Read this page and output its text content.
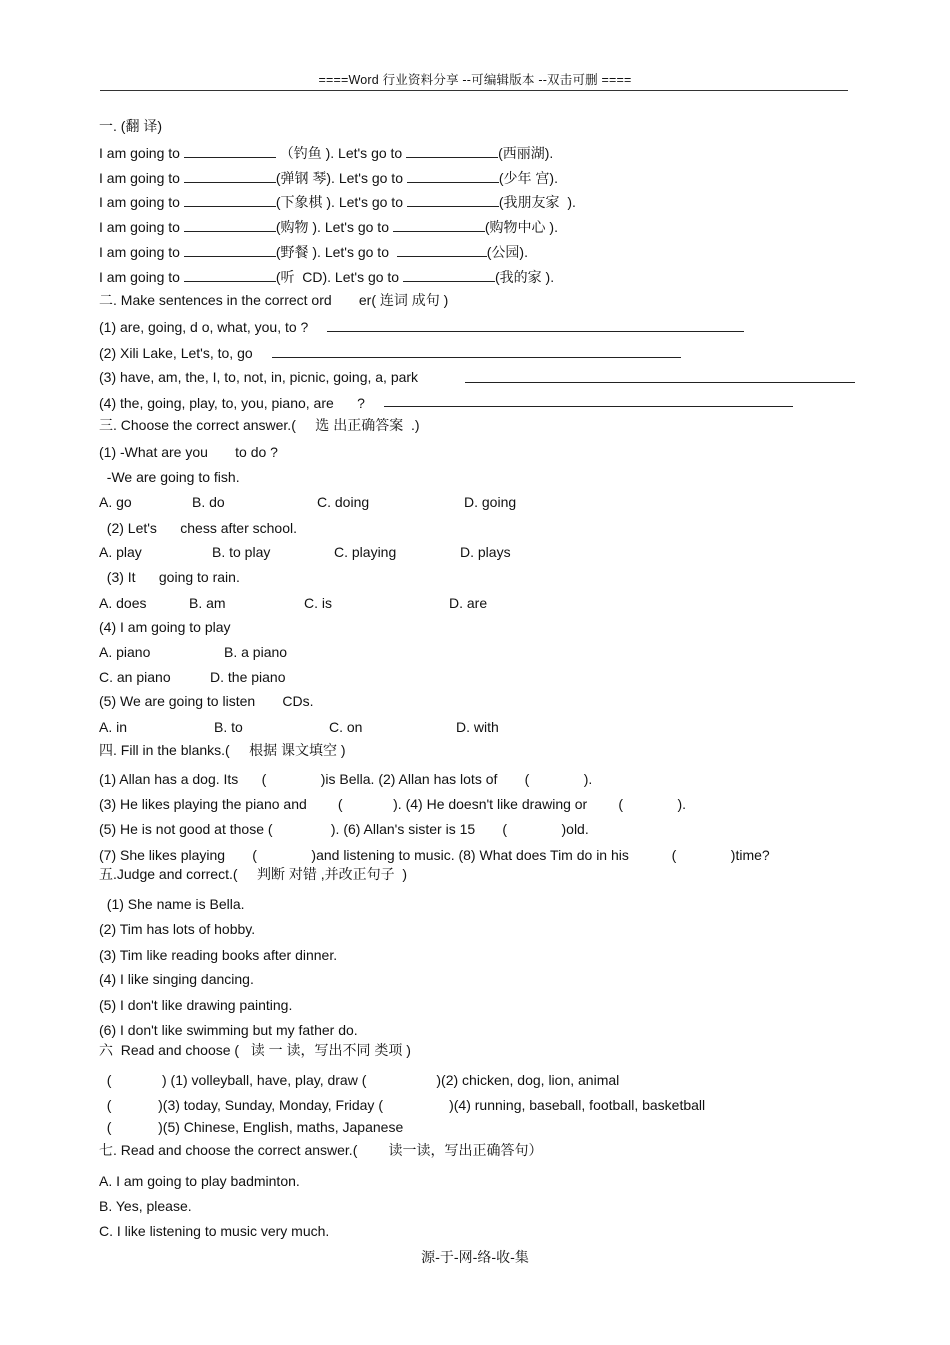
====Word 行业资料分享 --可编辑版本 --双击可删 ====
一. (翻 译)
I am going to	（钓鱼 ). Let's go to	(西丽湖).
I am going to	(弹钢 琴). Let's go to	(少年 宫).
I am going to	(下象棋 ). Let's go to	(我朋友家  ).
I am going to	(购物 ). Let's go to	(购物中心 ).
I am going to	(野餐 ). Let's go to	(公园).
I am going to	(听  CD). Let's go to	(我的家 ).
二. Make sentences in the correct ord       er( 连词 成句 )
(1) are, going, d o, what, you, to ?
(2) Xili Lake, Let's, to, go
(3) have, am, the, I, to, not, in, picnic, going, a, park
(4) the, going, play, to, you, piano, are      ?
三. Choose the correct answer.(     选 出正确答案  .)
(1) -What are you       to do ?
-We are going to fish.
A. go	B. do	C. doing	D. going
(2) Let's      chess after school.
A. play	B. to play	C. playing	D. plays
(3) It      going to rain.
A. does	B. am	C. is	D. are
(4) I am going to play
A. piano	B. a piano
C. an piano	D. the piano
(5) We are going to listen       CDs.
A. in	B. to	C. on	D. with
四. Fill in the blanks.(     根据 课文填空 )
(1) Allan has a dog. Its      (              )is Bella. (2) Allan has lots of       (              ).
(3) He likes playing the piano and        (             ). (4) He doesn't like drawing or        (              ).
(5) He is not good at those (               ). (6) Allan's sister is 15       (              )old.
(7) She likes playing       (              )and listening to music. (8) What does Tim do in his           (              )time?
五.Judge and correct.(     判断 对错 ,并改正句子  )
(1) She name is Bella.
(2) Tim has lots of hobby.
(3) Tim like reading books after dinner.
(4) I like singing dancing.
(5) I don't like drawing painting.
(6) I don't like swimming but my father do.
六  Read and choose (   读 一 读，写出不同 类项 )
(             ) (1) volleyball, have, play, draw (                  )(2) chicken, dog, lion, animal
(            )(3) today, Sunday, Monday, Friday (                 )(4) running, baseball, football, basketball
(            )(5) Chinese, English, maths, Japanese
七. Read and choose the correct answer.(        读一读，写出正确答句）
A. I am going to play badminton.
B. Yes, please.
C. I like listening to music very much.
源-于-网-络-收-集
